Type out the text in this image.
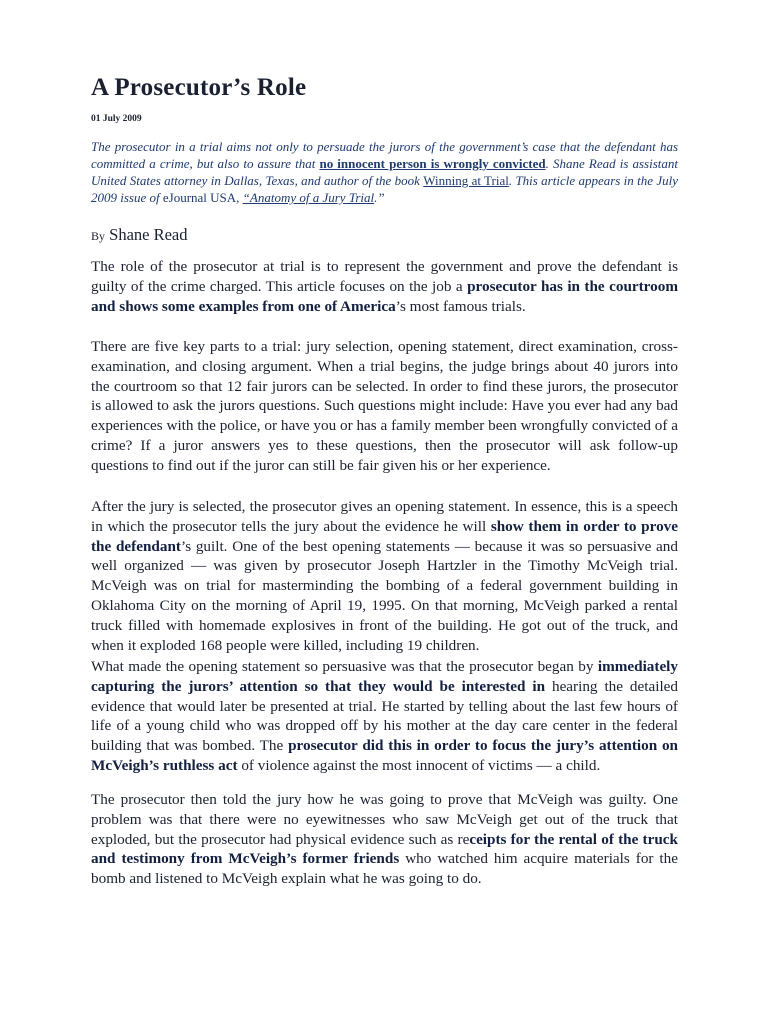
A Prosecutor’s Role
01 July 2009

The prosecutor in a trial aims not only to persuade the jurors of the government’s case that the defendant has committed a crime, but also to assure that no innocent person is wrongly convicted. Shane Read is assistant United States attorney in Dallas, Texas, and author of the book Winning at Trial. This article appears in the July 2009 issue of eJournal USA, “Anatomy of a Jury Trial.”

By Shane Read

The role of the prosecutor at trial is to represent the government and prove the defendant is guilty of the crime charged. This article focuses on the job a prosecutor has in the courtroom and shows some examples from one of America’s most famous trials.

There are five key parts to a trial: jury selection, opening statement, direct examination, cross-examination, and closing argument. When a trial begins, the judge brings about 40 jurors into the courtroom so that 12 fair jurors can be selected. In order to find these jurors, the prosecutor is allowed to ask the jurors questions. Such questions might include: Have you ever had any bad experiences with the police, or have you or has a family member been wrongfully convicted of a crime? If a juror answers yes to these questions, then the prosecutor will ask follow-up questions to find out if the juror can still be fair given his or her experience.

After the jury is selected, the prosecutor gives an opening statement. In essence, this is a speech in which the prosecutor tells the jury about the evidence he will show them in order to prove the defendant’s guilt. One of the best opening statements — because it was so persuasive and well organized — was given by prosecutor Joseph Hartzler in the Timothy McVeigh trial. McVeigh was on trial for masterminding the bombing of a federal government building in Oklahoma City on the morning of April 19, 1995. On that morning, McVeigh parked a rental truck filled with homemade explosives in front of the building. He got out of the truck, and when it exploded 168 people were killed, including 19 children.

What made the opening statement so persuasive was that the prosecutor began by immediately capturing the jurors’ attention so that they would be interested in hearing the detailed evidence that would later be presented at trial. He started by telling about the last few hours of life of a young child who was dropped off by his mother at the day care center in the federal building that was bombed. The prosecutor did this in order to focus the jury’s attention on McVeigh’s ruthless act of violence against the most innocent of victims — a child.

The prosecutor then told the jury how he was going to prove that McVeigh was guilty. One problem was that there were no eyewitnesses who saw McVeigh get out of the truck that exploded, but the prosecutor had physical evidence such as receipts for the rental of the truck and testimony from McVeigh’s former friends who watched him acquire materials for the bomb and listened to McVeigh explain what he was going to do.
